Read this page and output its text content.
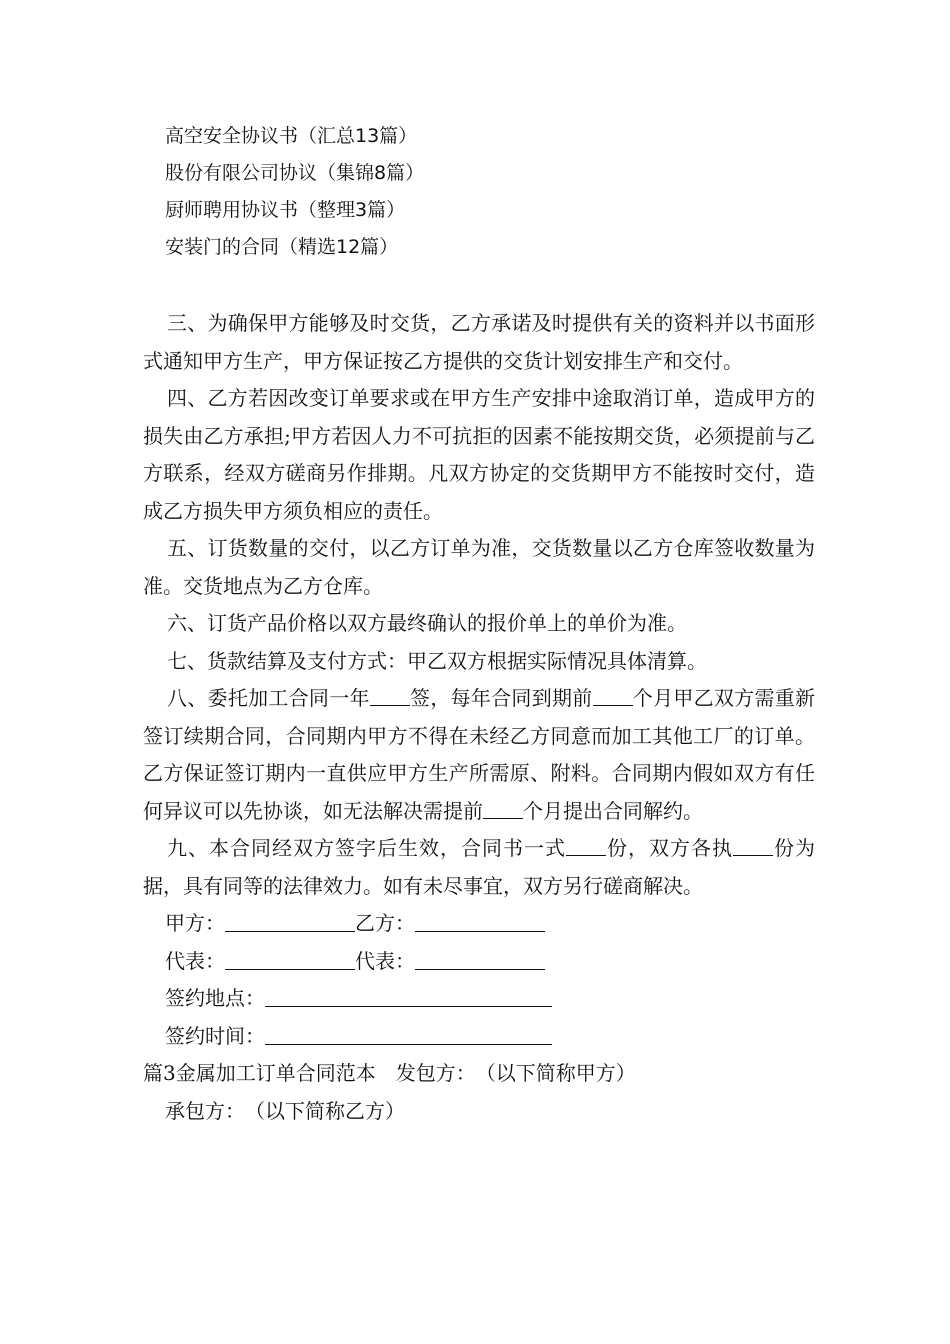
高空安全协议书（汇总13篇）
股份有限公司协议（集锦8篇）
厨师聘用协议书（整理3篇）
安装门的合同（精选12篇）

三、为确保甲方能够及时交货，乙方承诺及时提供有关的资料并以书面形式通知甲方生产，甲方保证按乙方提供的交货计划安排生产和交付。

四、乙方若因改变订单要求或在甲方生产安排中途取消订单，造成甲方的损失由乙方承担;甲方若因人力不可抗拒的因素不能按期交货，必须提前与乙方联系，经双方磋商另作排期。凡双方协定的交货期甲方不能按时交付，造成乙方损失甲方须负相应的责任。

五、订货数量的交付，以乙方订单为准，交货数量以乙方仓库签收数量为准。交货地点为乙方仓库。

六、订货产品价格以双方最终确认的报价单上的单价为准。

七、货款结算及支付方式：甲乙双方根据实际情况具体清算。

八、委托加工合同一年 签，每年合同到期前 个月甲乙双方需重新签订续期合同，合同期内甲方不得在未经乙方同意而加工其他工厂的订单。乙方保证签订期内一直供应甲方生产所需原、附料。合同期内假如双方有任何异议可以先协谈，如无法解决需提前 个月提出合同解约。

九、本合同经双方签字后生效，合同书一式 份，双方各执 份为据，具有同等的法律效力。如有未尽事宜，双方另行磋商解决。

甲方：	乙方：

代表：	代表：

签约地点：

签约时间：

篇3金属加工订单合同范本　发包方：　（以下简称甲方）

承包方：　（以下简称乙方）
